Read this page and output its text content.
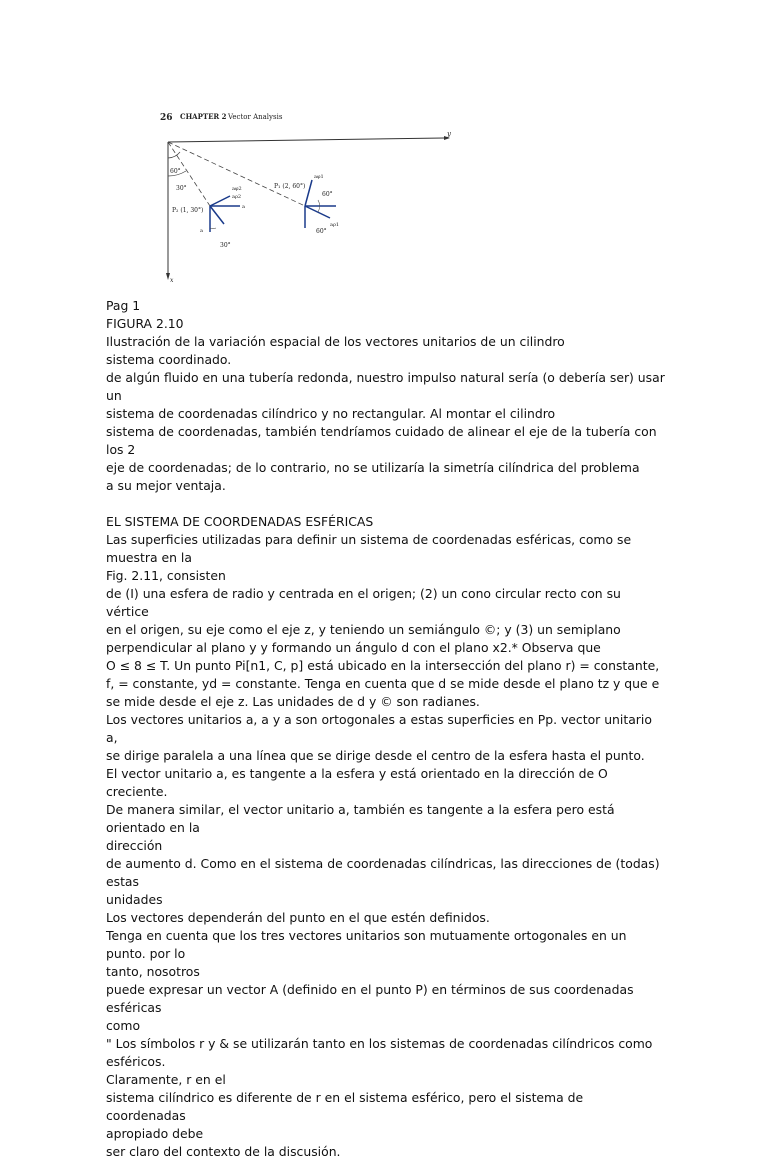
26 CHAPTER 2 Vector Analysis
y
x
60°
30°
P₂ (1, 30°)
aφ2
aρ2
a
a
30°
P₁ (2, 60°)
aφ1
aρ1
60°
60°
Pag 1
FIGURA 2.10
Ilustración de la variación espacial de los vectores unitarios de un cilindro
sistema coordinado.
de algún fluido en una tubería redonda, nuestro impulso natural sería (o debería ser) usar un
sistema de coordenadas cilíndrico y no rectangular. Al montar el cilindro
sistema de coordenadas, también tendríamos cuidado de alinear el eje de la tubería con los 2
eje de coordenadas; de lo contrario, no se utilizaría la simetría cilíndrica del problema
a su mejor ventaja.
EL SISTEMA DE COORDENADAS ESFÉRICAS
Las superficies utilizadas para definir un sistema de coordenadas esféricas, como se muestra en la
Fig. 2.11, consisten
de (I) una esfera de radio y centrada en el origen; (2) un cono circular recto con su vértice
en el origen, su eje como el eje z, y teniendo un semiángulo ©; y (3) un semiplano
perpendicular al plano y y formando un ángulo d con el plano x2.* Observa que
O ≤ 8 ≤ T. Un punto Pi[n1, C, p] está ubicado en la intersección del plano r) = constante,
f, = constante, yd = constante. Tenga en cuenta que d se mide desde el plano tz y que e
se mide desde el eje z. Las unidades de d y © son radianes.
Los vectores unitarios a, a y a son ortogonales a estas superficies en Pp. vector unitario a,
se dirige paralela a una línea que se dirige desde el centro de la esfera hasta el punto.
El vector unitario a, es tangente a la esfera y está orientado en la dirección de O creciente.
De manera similar, el vector unitario a, también es tangente a la esfera pero está orientado en la
dirección
de aumento d. Como en el sistema de coordenadas cilíndricas, las direcciones de (todas) estas
unidades
Los vectores dependerán del punto en el que estén definidos.
Tenga en cuenta que los tres vectores unitarios son mutuamente ortogonales en un punto. por lo
tanto, nosotros
puede expresar un vector A (definido en el punto P) en términos de sus coordenadas esféricas
como
" Los símbolos r y & se utilizarán tanto en los sistemas de coordenadas cilíndricos como esféricos.
Claramente, r en el
sistema cilíndrico es diferente de r en el sistema esférico, pero el sistema de coordenadas
apropiado debe
ser claro del contexto de la discusión.
